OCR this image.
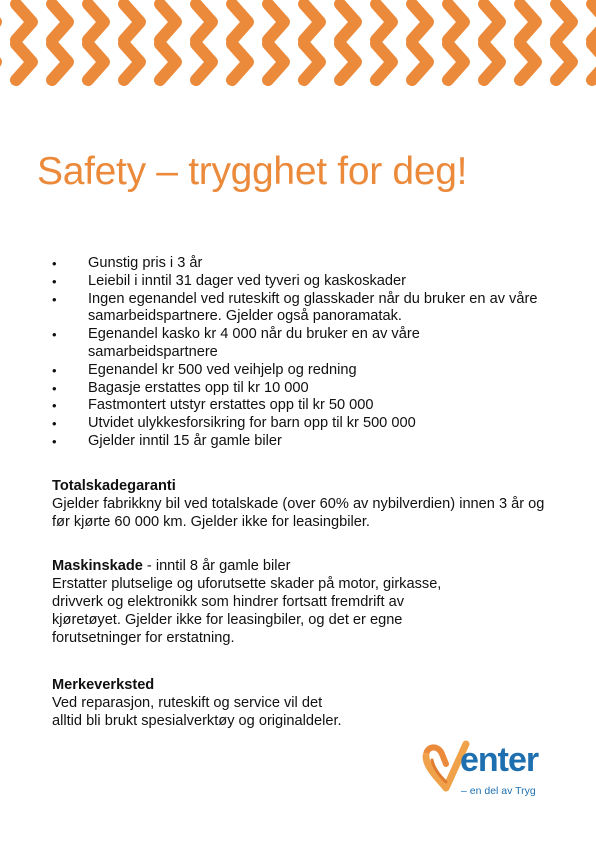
Safety – trygghet for deg!
• Gunstig pris i 3 år
• Leiebil i inntil 31 dager ved tyveri og kaskoskader
• Ingen egenandel ved ruteskift og glasskader når du bruker en av våre samarbeidspartnere. Gjelder også panoramatak.
• Egenandel kasko kr 4 000 når du bruker en av våre samarbeidspartnere
• Egenandel kr 500 ved veihjelp og redning
• Bagasje erstattes opp til kr 10 000
• Fastmontert utstyr erstattes opp til kr 50 000
• Utvidet ulykkesforsikring for barn opp til kr 500 000
• Gjelder inntil 15 år gamle biler
Totalskadegaranti
Gjelder fabrikkny bil ved totalskade (over 60% av nybilverdien) innen 3 år og før kjørte 60 000 km. Gjelder ikke for leasingbiler.
Maskinskade - inntil 8 år gamle biler
Erstatter plutselige og uforutsette skader på motor, girkasse,
drivverk og elektronikk som hindrer fortsatt fremdrift av
kjøretøyet. Gjelder ikke for leasingbiler, og det er egne
forutsetninger for erstatning.
Merkeverksted
Ved reparasjon, ruteskift og service vil det
alltid bli brukt spesialverktøy og originaldeler.
enter
– en del av Tryg
